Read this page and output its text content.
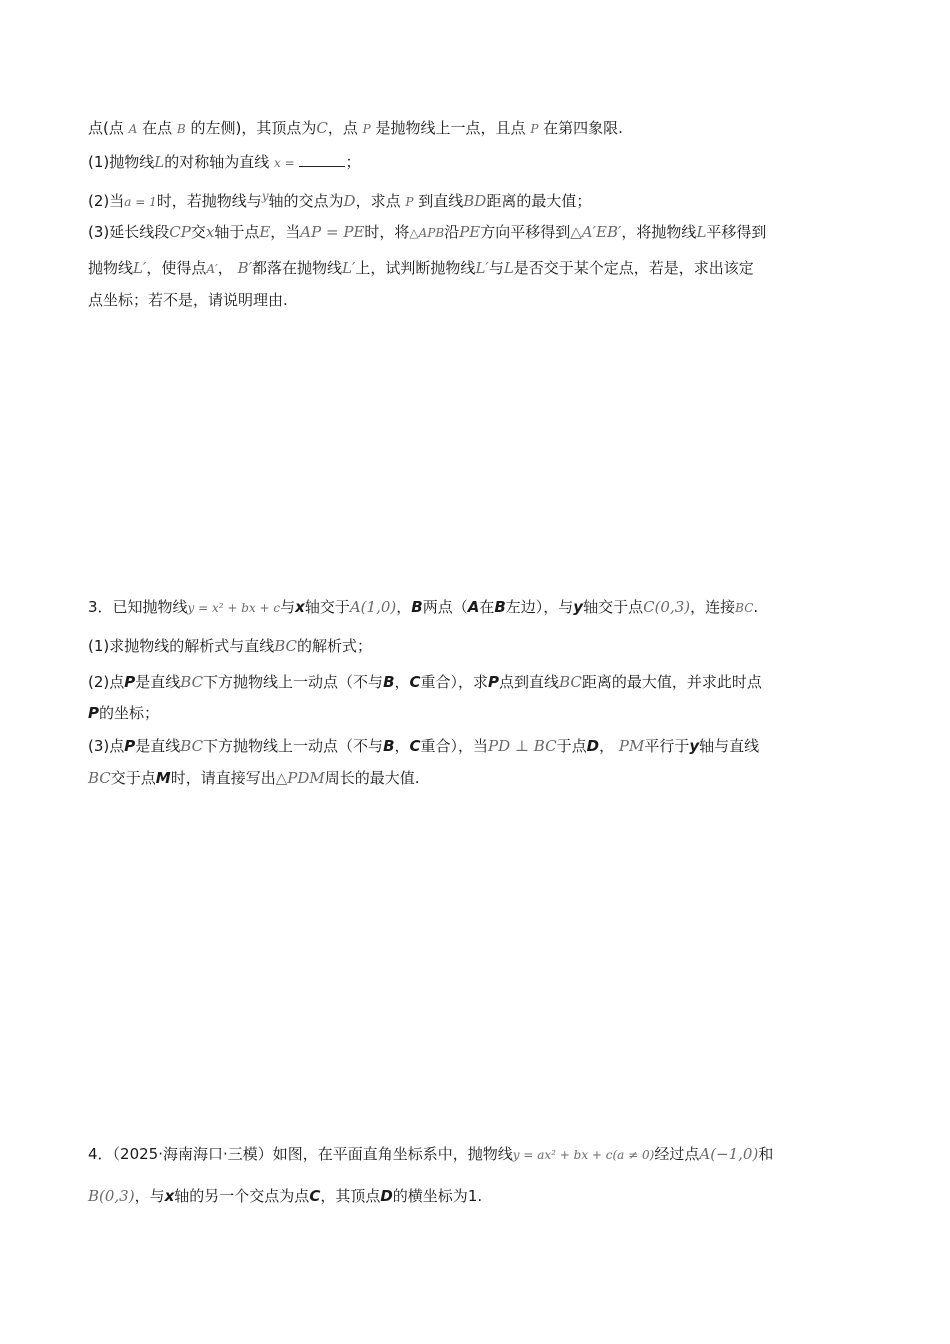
点(点 A 在点 B 的左侧)，其顶点为C，点 P 是抛物线上一点，且点 P 在第四象限.
(1)抛物线L的对称轴为直线 x =	；
(2)当a = 1时，若抛物线与$^y$轴的交点为D，求点 P 到直线BD距离的最大值；
(3)延长线段CP交x轴于点E，当AP = PE时，将△APB沿PE方向平移得到△A′EB′，将抛物线L平移得到
抛物线L′，使得点A′， B′都落在抛物线L′上，试判断抛物线L′与L是否交于某个定点，若是，求出该定
点坐标；若不是，请说明理由.
3．已知抛物线y = x² + bx + c与x轴交于A(1,0)，B两点（A在B左边），与y轴交于点C(0,3)，连接BC.
(1)求抛物线的解析式与直线BC的解析式；
(2)点P是直线BC下方抛物线上一动点（不与B，C重合），求P点到直线BC距离的最大值，并求此时点
P的坐标；
(3)点P是直线BC下方抛物线上一动点（不与B，C重合），当PD ⊥ BC于点D， PM平行于y轴与直线
BC交于点M时，请直接写出△PDM周长的最大值.
4．（2025·海南海口·三模）如图，在平面直角坐标系中，抛物线y = ax² + bx + c(a ≠ 0)经过点A(−1,0)和
B(0,3)，与x轴的另一个交点为点C，其顶点D的横坐标为1.
